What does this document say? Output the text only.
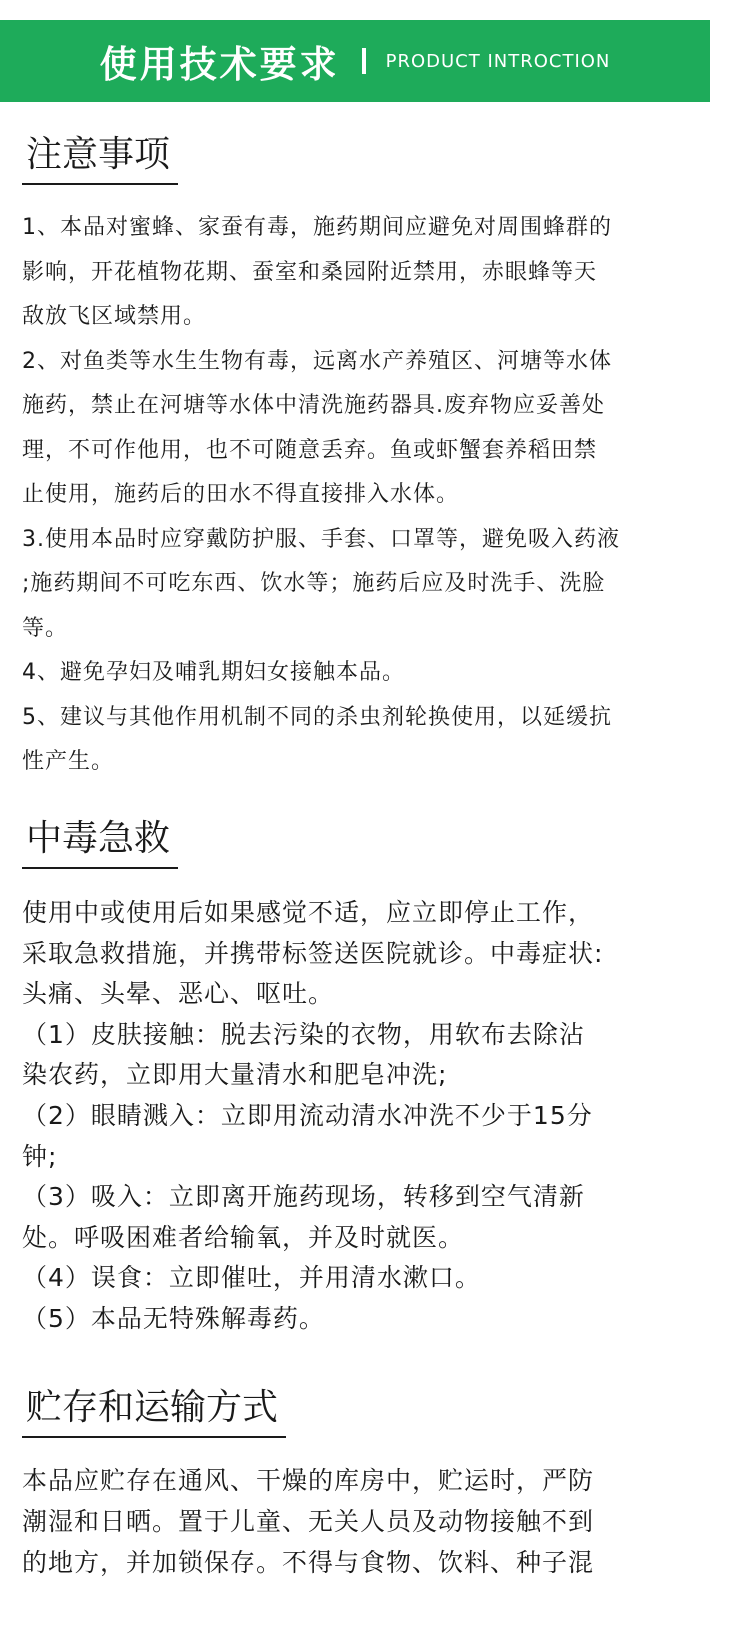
使用技术要求	PRODUCT INTROCTION
注意事项

1、本品对蜜蜂、家蚕有毒，施药期间应避免对周围蜂群的
影响，开花植物花期、蚕室和桑园附近禁用，赤眼蜂等天
敌放飞区域禁用。

2、对鱼类等水生生物有毒，远离水产养殖区、河塘等水体
施药，禁止在河塘等水体中清洗施药器具.废弃物应妥善处
理，不可作他用，也不可随意丢弃。鱼或虾蟹套养稻田禁
止使用，施药后的田水不得直接排入水体。

3.使用本品时应穿戴防护服、手套、口罩等，避免吸入药液
;施药期间不可吃东西、饮水等；施药后应及时洗手、洗脸
等。

4、避免孕妇及哺乳期妇女接触本品。

5、建议与其他作用机制不同的杀虫剂轮换使用，以延缓抗
性产生。

中毒急救

使用中或使用后如果感觉不适，应立即停止工作，
采取急救措施，并携带标签送医院就诊。中毒症状:
头痛、头晕、恶心、呕吐。

（1）皮肤接触：脱去污染的衣物，用软布去除沾
染农药，立即用大量清水和肥皂冲洗;

（2）眼睛溅入：立即用流动清水冲洗不少于15分
钟;

（3）吸入：立即离开施药现场，转移到空气清新
处。呼吸困难者给输氧，并及时就医。

（4）误食：立即催吐，并用清水漱口。

（5）本品无特殊解毒药。

贮存和运输方式

本品应贮存在通风、干燥的库房中，贮运时，严防
潮湿和日晒。置于儿童、无关人员及动物接触不到
的地方，并加锁保存。不得与食物、饮料、种子混
